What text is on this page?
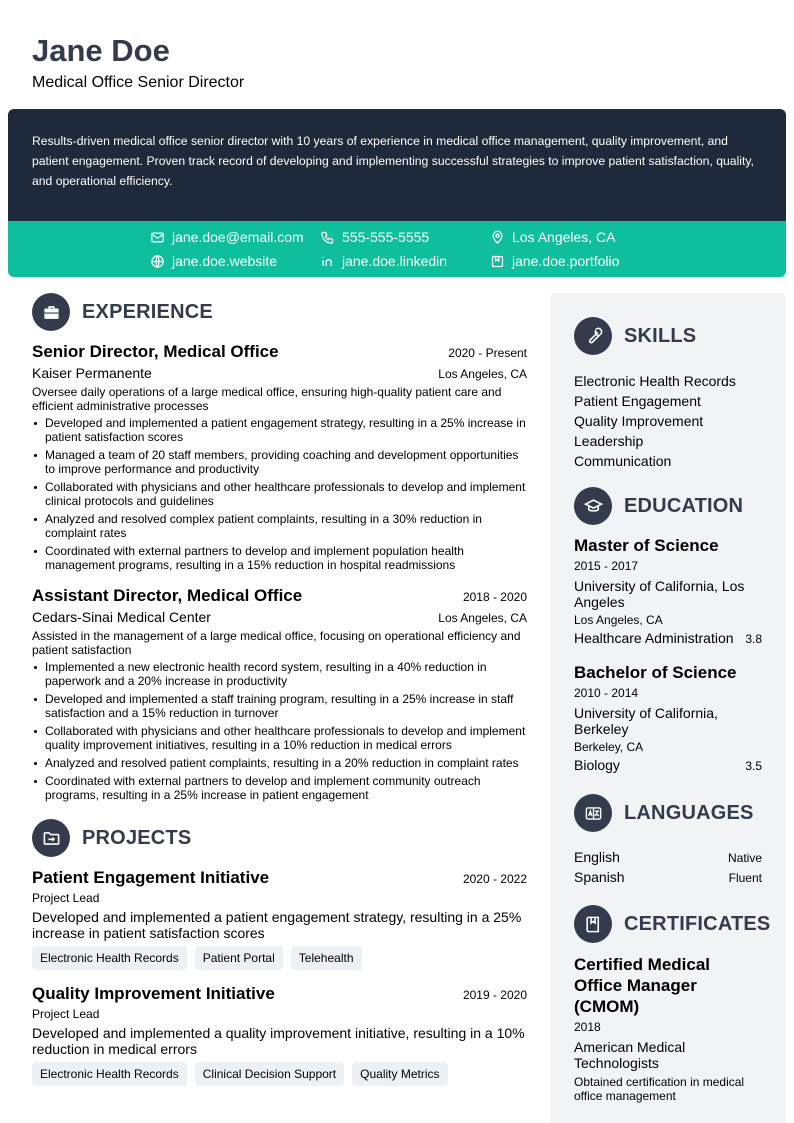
Jane Doe
Medical Office Senior Director
Results-driven medical office senior director with 10 years of experience in medical office management, quality improvement, and patient engagement. Proven track record of developing and implementing successful strategies to improve patient satisfaction, quality, and operational efficiency.
jane.doe@email.com	555-555-5555	Los Angeles, CA
jane.doe.website	jane.doe.linkedin	jane.doe.portfolio
EXPERIENCE
Senior Director, Medical Office	2020 - Present
Kaiser Permanente	Los Angeles, CA
Oversee daily operations of a large medical office, ensuring high-quality patient care and efficient administrative processes
Developed and implemented a patient engagement strategy, resulting in a 25% increase in patient satisfaction scores
Managed a team of 20 staff members, providing coaching and development opportunities to improve performance and productivity
Collaborated with physicians and other healthcare professionals to develop and implement clinical protocols and guidelines
Analyzed and resolved complex patient complaints, resulting in a 30% reduction in complaint rates
Coordinated with external partners to develop and implement population health management programs, resulting in a 15% reduction in hospital readmissions
Assistant Director, Medical Office	2018 - 2020
Cedars-Sinai Medical Center	Los Angeles, CA
Assisted in the management of a large medical office, focusing on operational efficiency and patient satisfaction
Implemented a new electronic health record system, resulting in a 40% reduction in paperwork and a 20% increase in productivity
Developed and implemented a staff training program, resulting in a 25% increase in staff satisfaction and a 15% reduction in turnover
Collaborated with physicians and other healthcare professionals to develop and implement quality improvement initiatives, resulting in a 10% reduction in medical errors
Analyzed and resolved patient complaints, resulting in a 20% reduction in complaint rates
Coordinated with external partners to develop and implement community outreach programs, resulting in a 25% increase in patient engagement
PROJECTS
Patient Engagement Initiative	2020 - 2022
Project Lead
Developed and implemented a patient engagement strategy, resulting in a 25% increase in patient satisfaction scores
Electronic Health Records	Patient Portal	Telehealth
Quality Improvement Initiative	2019 - 2020
Project Lead
Developed and implemented a quality improvement initiative, resulting in a 10% reduction in medical errors
Electronic Health Records	Clinical Decision Support	Quality Metrics
SKILLS
Electronic Health Records
Patient Engagement
Quality Improvement
Leadership
Communication
EDUCATION
Master of Science
2015 - 2017
University of California, Los Angeles
Los Angeles, CA
Healthcare Administration 3.8
Bachelor of Science
2010 - 2014
University of California, Berkeley
Berkeley, CA
Biology	3.5
LANGUAGES
English	Native
Spanish	Fluent
CERTIFICATES
Certified Medical Office Manager (CMOM)
2018
American Medical Technologists
Obtained certification in medical office management
